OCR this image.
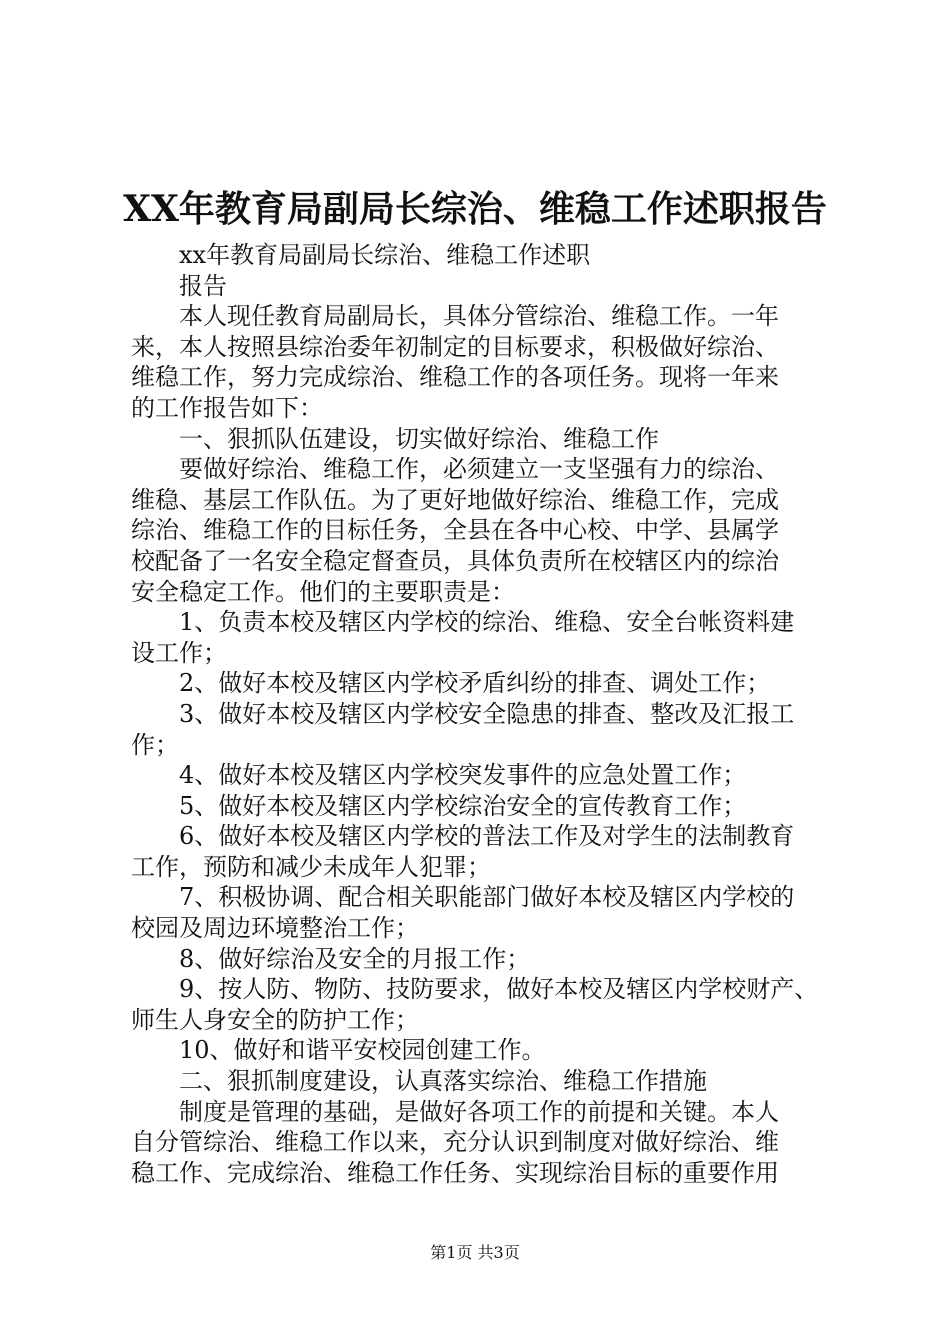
XX年教育局副局长综治、维稳工作述职报告
xx年教育局副局长综治、维稳工作述职
报告
本人现任教育局副局长，具体分管综治、维稳工作。一年
来，本人按照县综治委年初制定的目标要求，积极做好综治、
维稳工作，努力完成综治、维稳工作的各项任务。现将一年来
的工作报告如下：
一、狠抓队伍建设，切实做好综治、维稳工作
要做好综治、维稳工作，必须建立一支坚强有力的综治、
维稳、基层工作队伍。为了更好地做好综治、维稳工作，完成
综治、维稳工作的目标任务，全县在各中心校、中学、县属学
校配备了一名安全稳定督查员，具体负责所在校辖区内的综治
安全稳定工作。他们的主要职责是：
1、负责本校及辖区内学校的综治、维稳、安全台帐资料建
设工作；
2、做好本校及辖区内学校矛盾纠纷的排查、调处工作；
3、做好本校及辖区内学校安全隐患的排查、整改及汇报工
作；
4、做好本校及辖区内学校突发事件的应急处置工作；
5、做好本校及辖区内学校综治安全的宣传教育工作；
6、做好本校及辖区内学校的普法工作及对学生的法制教育
工作，预防和减少未成年人犯罪；
7、积极协调、配合相关职能部门做好本校及辖区内学校的
校园及周边环境整治工作；
8、做好综治及安全的月报工作；
9、按人防、物防、技防要求，做好本校及辖区内学校财产、
师生人身安全的防护工作；
10、做好和谐平安校园创建工作。
二、狠抓制度建设，认真落实综治、维稳工作措施
制度是管理的基础，是做好各项工作的前提和关键。本人
自分管综治、维稳工作以来，充分认识到制度对做好综治、维
稳工作、完成综治、维稳工作任务、实现综治目标的重要作用
第1页 共3页
